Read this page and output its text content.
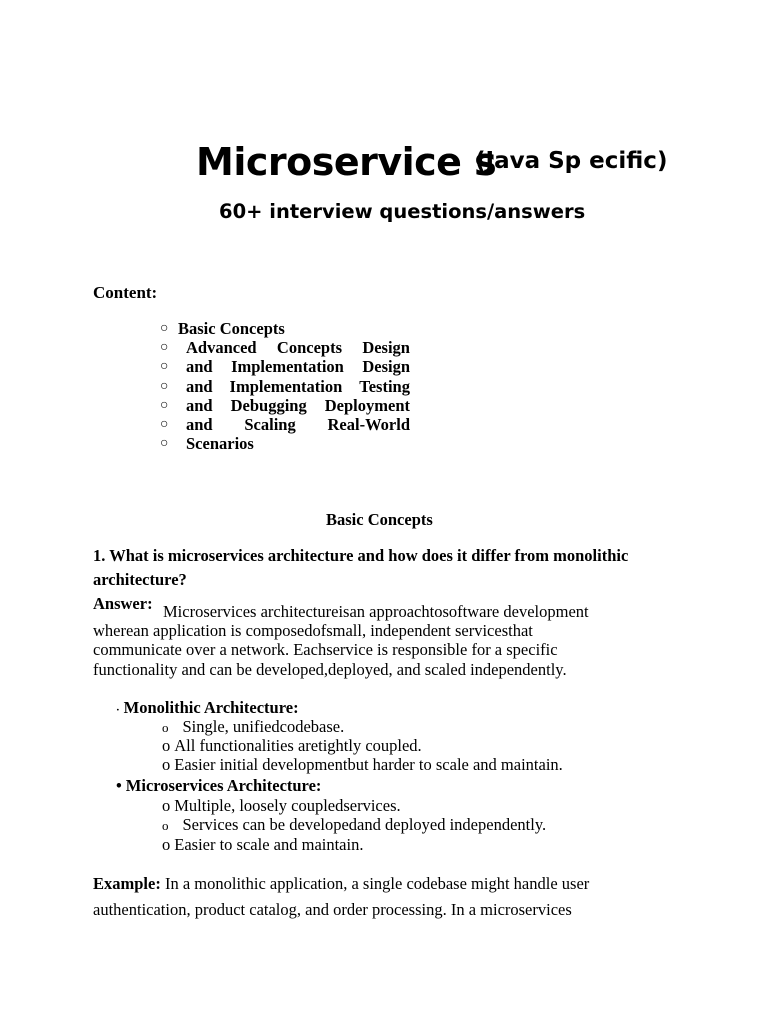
Microservice s
(Java Sp ecific)
60+ interview questions/answers
Content:
○ Basic Concepts
○	Advanced Concepts Design
○	and Implementation Design
○	and Implementation Testing
○	and Debugging Deployment
○	and Scaling Real-World
○	Scenarios
Basic Concepts
1. What is microservices architecture and how does it differ from monolithic architecture?
Answer: Microservices architectureisan approachtosoftware development
wherean application is composedofsmall, independent servicesthat
communicate over a network. Eachservice is responsible for a specific
functionality and can be developed,deployed, and scaled independently.
· Monolithic Architecture:
o Single, unifiedcodebase.
o All functionalities aretightly coupled.
o Easier initial developmentbut harder to scale and maintain.
• Microservices Architecture:
o Multiple, loosely coupledservices.
o Services can be developedand deployed independently.
o Easier to scale and maintain.
Example: In a monolithic application, a single codebase might handle user
authentication, product catalog, and order processing. In a microservices
